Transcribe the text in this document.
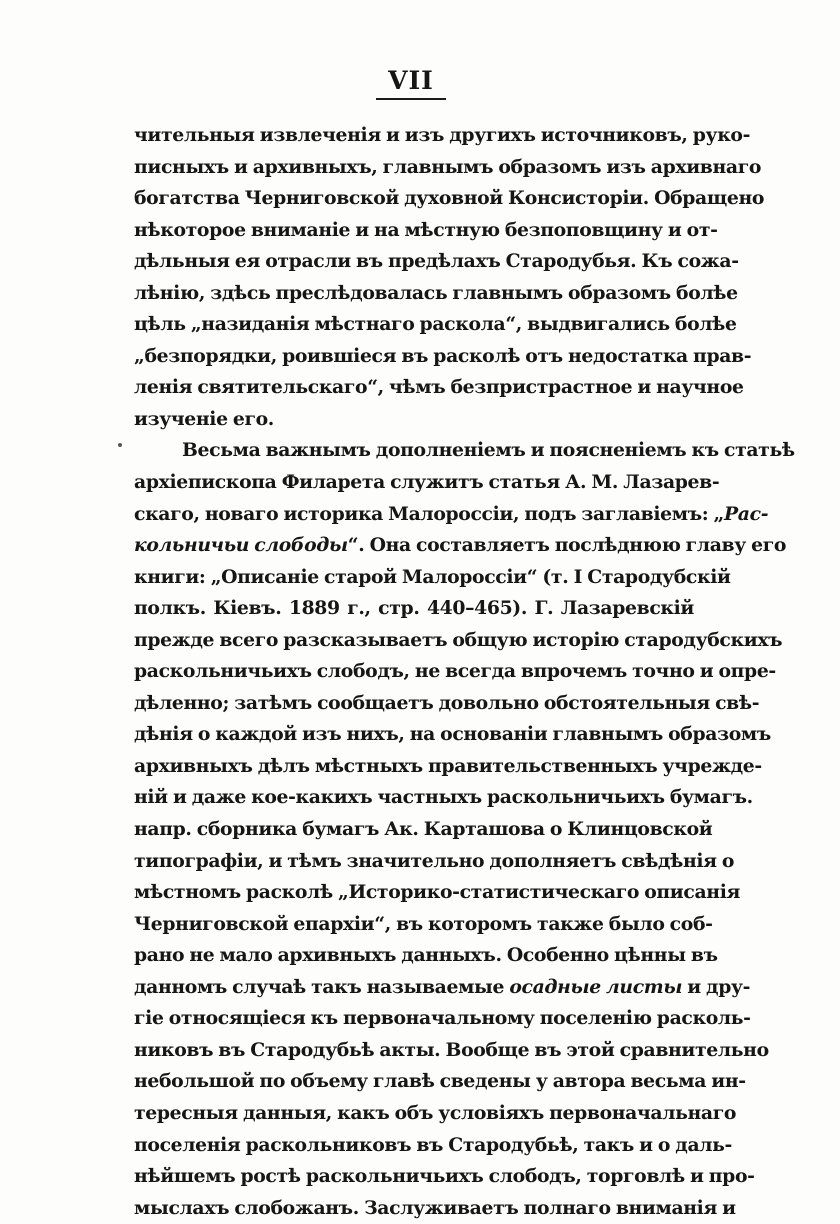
VII
чительныя извлеченія и изъ другихъ источниковъ, руко-
писныхъ и архивныхъ, главнымъ образомъ изъ архивнаго
богатства Черниговской духовной Консисторіи. Обращено
нѣкоторое вниманіе и на мѣстную безпоповщину и от-
дѣльныя ея отрасли въ предѣлахъ Стародубья. Къ сожа-
лѣнію, здѣсь преслѣдовалась главнымъ образомъ болѣе
цѣль „назиданія мѣстнаго раскола“, выдвигались болѣе
„безпорядки, роившіеся въ расколѣ отъ недостатка прав-
ленія святительскаго“, чѣмъ безпристрастное и научное
изученіе его.
Весьма важнымъ дополненіемъ и поясненіемъ къ статьѣ
архіепископа Филарета служитъ статья А. М. Лазарев-
скаго, новаго историка Малороссіи, подъ заглавіемъ: „Рас-
кольничьи слободы“. Она составляетъ послѣднюю главу его
книги: „Описаніе старой Малороссіи“ (т. I Стародубскій
полкъ. Кіевъ. 1889 г., стр. 440–465). Г. Лазаревскій
прежде всего разсказываетъ общую исторію стародубскихъ
раскольничьихъ слободъ, не всегда впрочемъ точно и опре-
дѣленно; затѣмъ сообщаетъ довольно обстоятельныя свѣ-
дѣнія о каждой изъ нихъ, на основаніи главнымъ образомъ
архивныхъ дѣлъ мѣстныхъ правительственныхъ учрежде-
ній и даже кое-какихъ частныхъ раскольничьихъ бумагъ.
напр. сборника бумагъ Ак. Карташова о Клинцовской
типографіи, и тѣмъ значительно дополняетъ свѣдѣнія о
мѣстномъ расколѣ „Историко-статистическаго описанія
Черниговской епархіи“, въ которомъ также было соб-
рано не мало архивныхъ данныхъ. Особенно цѣнны въ
данномъ случаѣ такъ называемые осадные листы и дру-
гіе относящіеся къ первоначальному поселенію расколь-
никовъ въ Стародубьѣ акты. Вообще въ этой сравнительно
небольшой по объему главѣ сведены у автора весьма ин-
тересныя данныя, какъ объ условіяхъ первоначальнаго
поселенія раскольниковъ въ Стародубьѣ, такъ и о даль-
нѣйшемъ ростѣ раскольничьихъ слободъ, торговлѣ и про-
мыслахъ слобожанъ. Заслуживаетъ полнаго вниманія и
